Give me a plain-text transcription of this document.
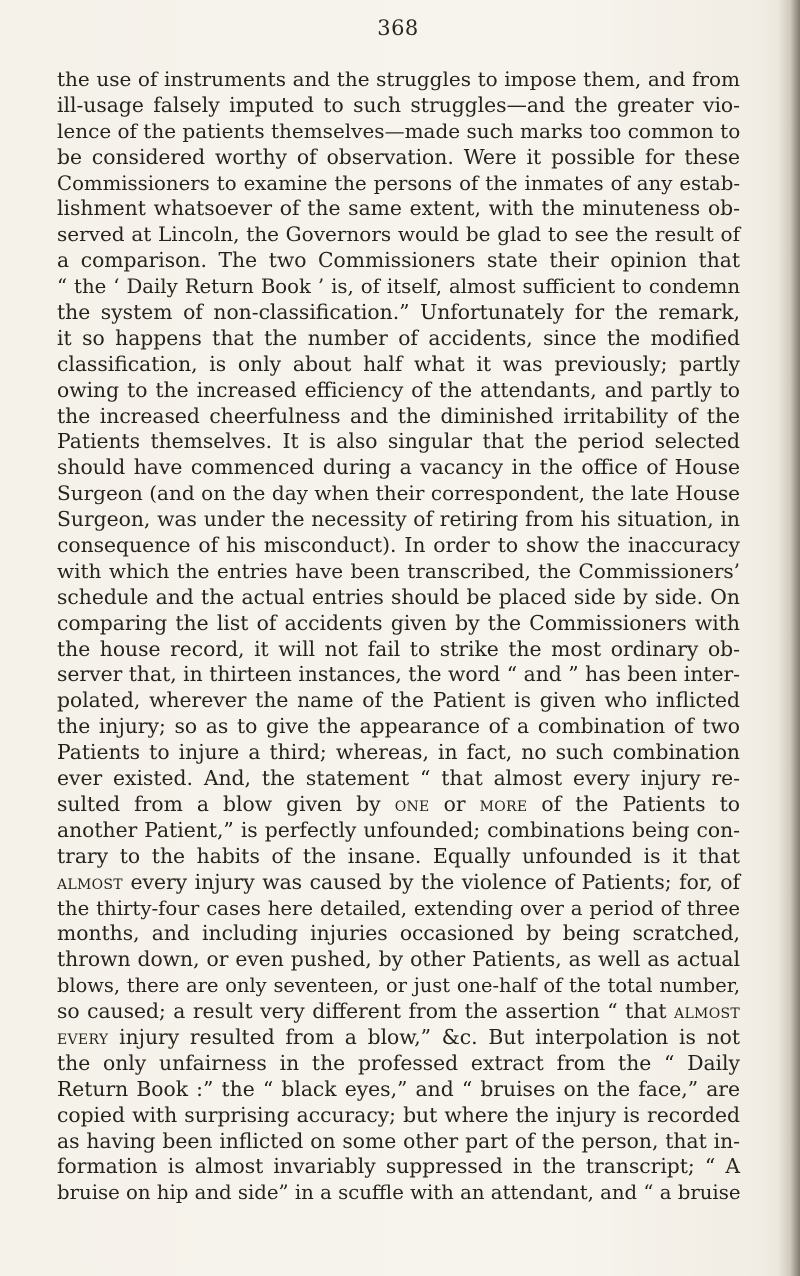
368
the use of instruments and the struggles to impose them, and from
ill-usage falsely imputed to such struggles—and the greater vio-
lence of the patients themselves—made such marks too common to
be considered worthy of observation. Were it possible for these
Commissioners to examine the persons of the inmates of any estab-
lishment whatsoever of the same extent, with the minuteness ob-
served at Lincoln, the Governors would be glad to see the result of
a comparison. The two Commissioners state their opinion that
“ the ‘ Daily Return Book ’ is, of itself, almost sufficient to condemn
the system of non-classification.” Unfortunately for the remark,
it so happens that the number of accidents, since the modified
classification, is only about half what it was previously; partly
owing to the increased efficiency of the attendants, and partly to
the increased cheerfulness and the diminished irritability of the
Patients themselves. It is also singular that the period selected
should have commenced during a vacancy in the office of House
Surgeon (and on the day when their correspondent, the late House
Surgeon, was under the necessity of retiring from his situation, in
consequence of his misconduct). In order to show the inaccuracy
with which the entries have been transcribed, the Commissioners’
schedule and the actual entries should be placed side by side. On
comparing the list of accidents given by the Commissioners with
the house record, it will not fail to strike the most ordinary ob-
server that, in thirteen instances, the word “ and ” has been inter-
polated, wherever the name of the Patient is given who inflicted
the injury; so as to give the appearance of a combination of two
Patients to injure a third; whereas, in fact, no such combination
ever existed. And, the statement “ that almost every injury re-
sulted from a blow given by one or more of the Patients to
another Patient,” is perfectly unfounded; combinations being con-
trary to the habits of the insane. Equally unfounded is it that
almost every injury was caused by the violence of Patients; for, of
the thirty-four cases here detailed, extending over a period of three
months, and including injuries occasioned by being scratched,
thrown down, or even pushed, by other Patients, as well as actual
blows, there are only seventeen, or just one-half of the total number,
so caused; a result very different from the assertion “ that almost
every injury resulted from a blow,” &c. But interpolation is not
the only unfairness in the professed extract from the “ Daily
Return Book :” the “ black eyes,” and “ bruises on the face,” are
copied with surprising accuracy; but where the injury is recorded
as having been inflicted on some other part of the person, that in-
formation is almost invariably suppressed in the transcript; “ A
bruise on hip and side” in a scuffle with an attendant, and “ a bruise
